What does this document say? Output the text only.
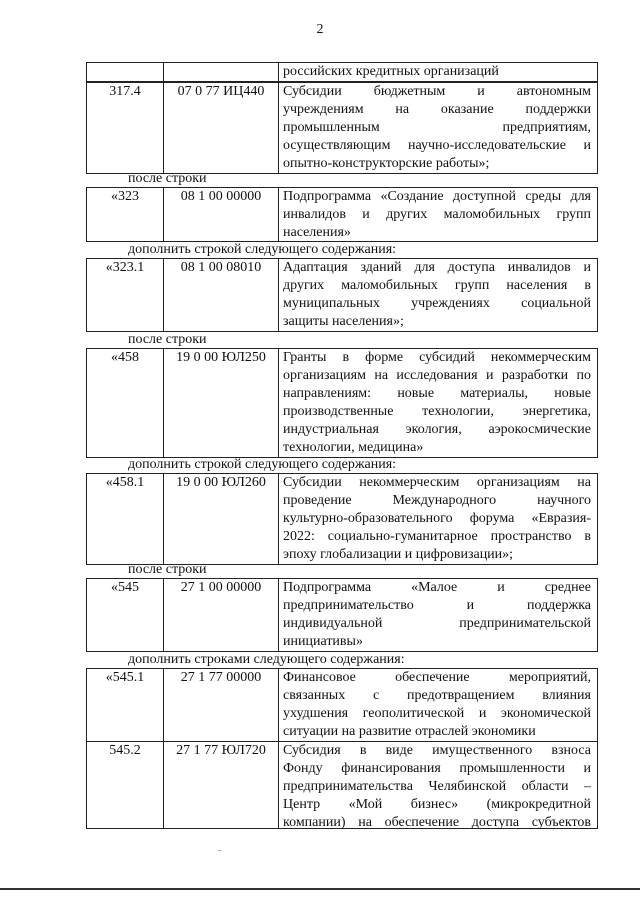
2
российских кредитных организаций
317.4	07 0 77 ИЦ440	Субсидии бюджетным и автономным
учреждениям на оказание поддержки
промышленным предприятиям,
осуществляющим научно-исследовательские и
опытно-конструкторские работы»;
после строки
«323	08 1 00 00000	Подпрограмма «Создание доступной среды для
инвалидов и других маломобильных групп
населения»
дополнить строкой следующего содержания:
«323.1	08 1 00 08010	Адаптация зданий для доступа инвалидов и
других маломобильных групп населения в
муниципальных учреждениях социальной
защиты населения»;
после строки
«458	19 0 00 ЮЛ250	Гранты в форме субсидий некоммерческим
организациям на исследования и разработки по
направлениям: новые материалы, новые
производственные технологии, энергетика,
индустриальная экология, аэрокосмические
технологии, медицина»
дополнить строкой следующего содержания:
«458.1	19 0 00 ЮЛ260	Субсидии некоммерческим организациям на
проведение Международного научного
культурно-образовательного форума «Евразия-
2022: социально-гуманитарное пространство в
эпоху глобализации и цифровизации»;
после строки
«545	27 1 00 00000	Подпрограмма «Малое и среднее
предпринимательство и поддержка
индивидуальной предпринимательской
инициативы»
дополнить строками следующего содержания:
«545.1	27 1 77 00000	Финансовое обеспечение мероприятий,
связанных с предотвращением влияния
ухудшения геополитической и экономической
ситуации на развитие отраслей экономики
545.2	27 1 77 ЮЛ720	Субсидия в виде имущественного взноса
Фонду финансирования промышленности и
предпринимательства Челябинской области –
Центр «Мой бизнес» (микрокредитной
компании) на обеспечение доступа субъектов
